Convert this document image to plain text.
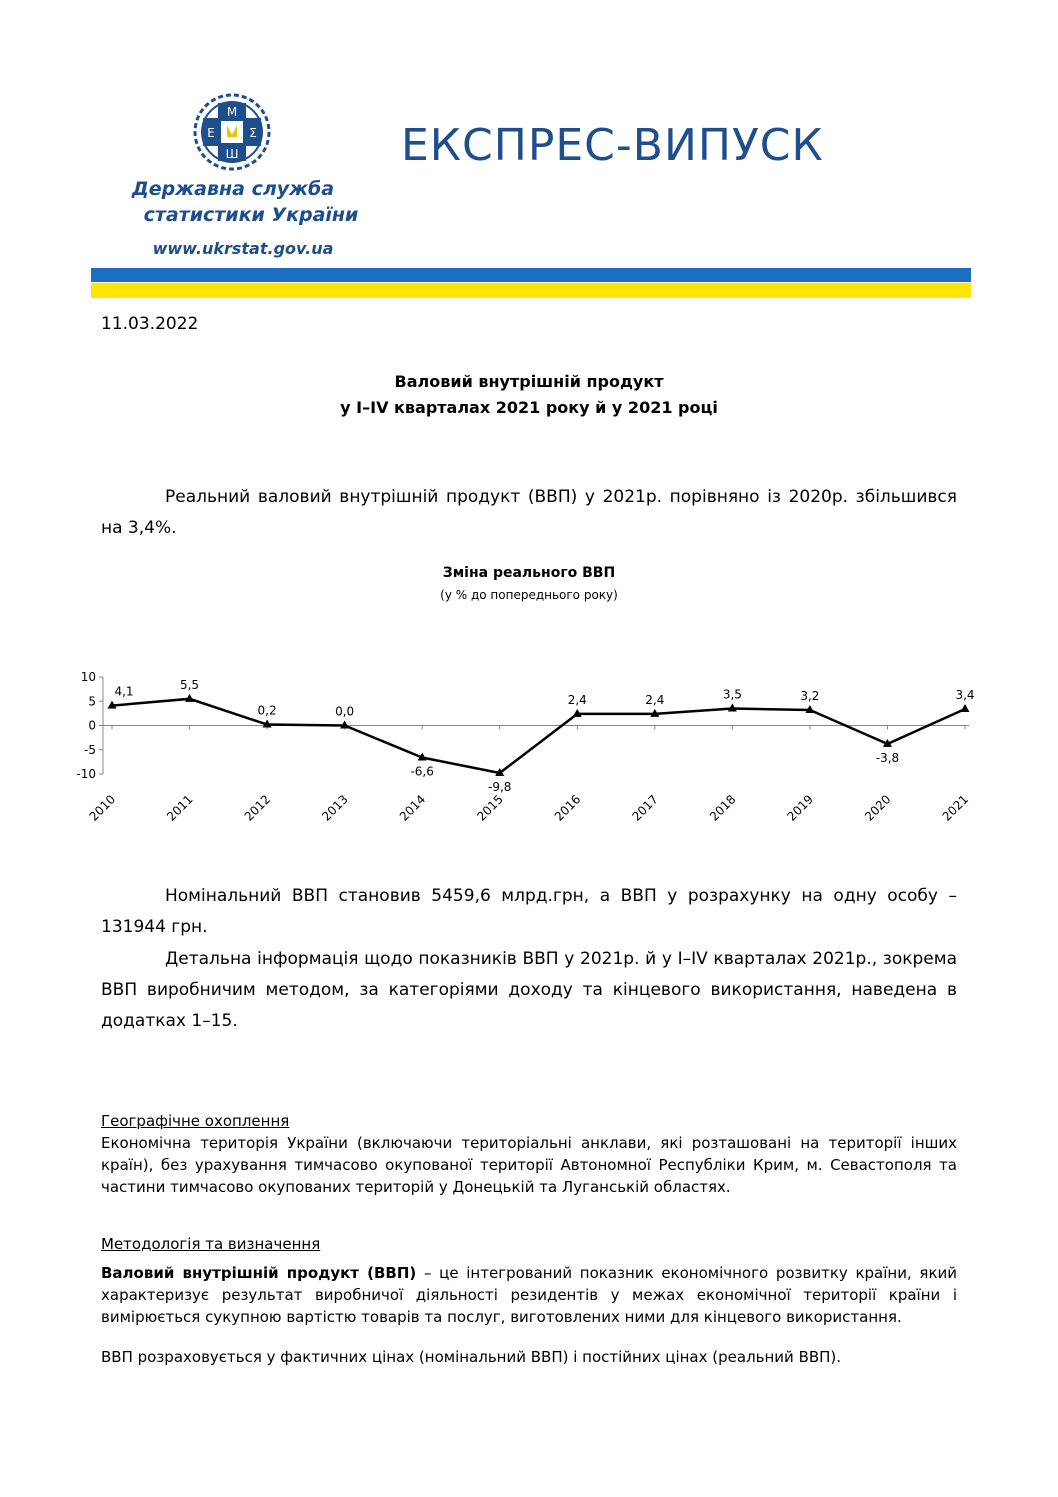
М
Ε	Ʃ
Ш
Державна служба
статистики України
www.ukrstat.gov.ua
ЕКСПРЕС-ВИПУСК
11.03.2022
Валовий внутрішній продукт
у I–IV кварталах 2021 року й у 2021 році
Реальний валовий внутрішній продукт (ВВП) у 2021р. порівняно із 2020р. збільшився на 3,4%.
Зміна реального ВВП
(у % до попереднього року)
10
5
0
-5
-10
2010	2011	2012	2013	2014	2015	2016	2017	2018	2019	2020	2021
4,1	5,5
0,2	0,0
-6,6
-9,8
2,4	2,4	3,5	3,2
-3,8
3,4
Номінальний ВВП становив 5459,6 млрд.грн, а ВВП у розрахунку на одну особу – 131944 грн.
Детальна інформація щодо показників ВВП у 2021р. й у I–IV кварталах 2021р., зокрема ВВП виробничим методом, за категоріями доходу та кінцевого використання, наведена в додатках 1–15.
Географічне охоплення
Економічна територія України (включаючи територіальні анклави, які розташовані на території інших країн), без урахування тимчасово окупованої території Автономної Республіки Крим, м. Севастополя та частини тимчасово окупованих територій у Донецькій та Луганській областях.
Методологія та визначення
Валовий внутрішній продукт (ВВП) – це інтегрований показник економічного розвитку країни, який характеризує результат виробничої діяльності резидентів у межах економічної території країни і вимірюється сукупною вартістю товарів та послуг, виготовлених ними для кінцевого використання.
ВВП розраховується у фактичних цінах (номінальний ВВП) і постійних цінах (реальний ВВП).
